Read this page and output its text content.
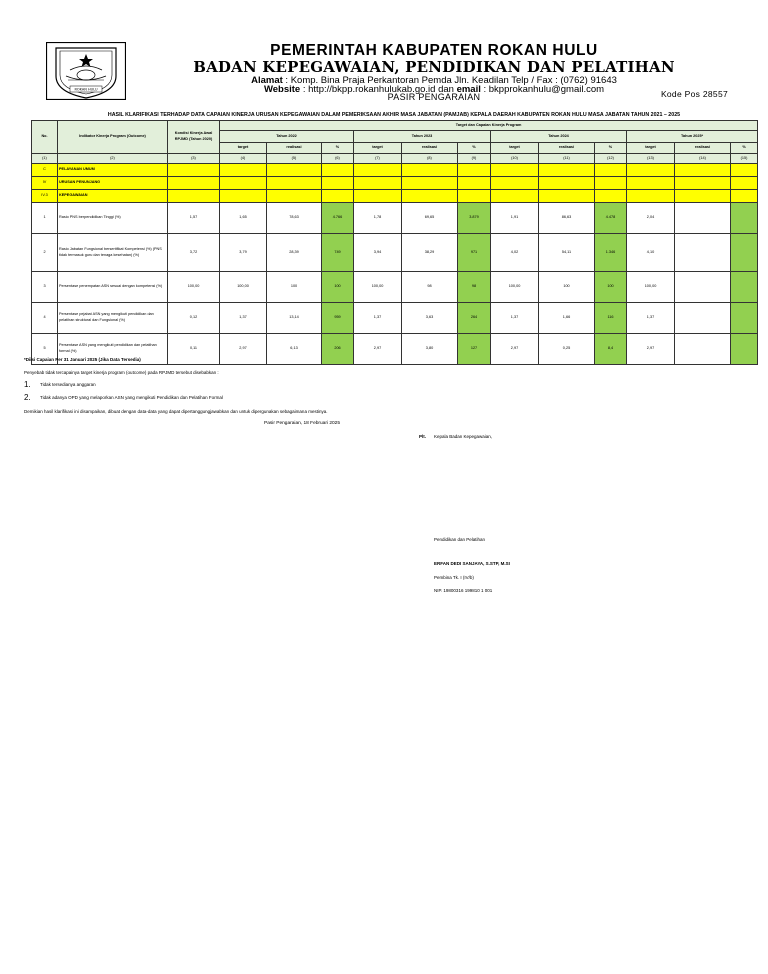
ROKAN HULU
PEMERINTAH KABUPATEN ROKAN HULU
BADAN KEPEGAWAIAN, PENDIDIKAN DAN PELATIHAN
Alamat : Komp. Bina Praja Perkantoran Pemda Jln. Keadilan Telp / Fax : (0762) 91643
Website : http://bkpp.rokanhulukab.go.id dan email : bkpprokanhulu@gmail.com
PASIR PENGARAIAN	Kode Pos 28557
HASIL KLARIFIKASI TERHADAP DATA CAPAIAN KINERJA URUSAN KEPEGAWAIAN DALAM PEMERIKSAAN AKHIR MASA JABATAN (PAMJAB) KEPALA DAERAH KABUPATEN ROKAN HULU MASA JABATAN TAHUN 2021 – 2025
No.	Indikator Kinerja Program (Outcome)	Kondisi Kinerja Awal RPJMD (Tahun 2020)	Target dan Capaian Kinerja Program											
			Tahun 2022			Tahun 2023			Tahun 2024			Tahun 2025*		
			target	realisasi	%	target	realisasi	%	target	realisasi	%	target	realisasi	%
(1)	(2)	(3)	(4)	(5)	(6)	(7)	(8)	(9)	(10)	(11)	(12)	(13)	(14)	(15)
C	PELAYANAN UMUM													
IV	URUSAN PENUNJANG													
IV.3	KEPEGAWAIAN													
1	Rasio PNS berpendidikan Tinggi (%)	1,57	1,65	78,63	4.766	1,78	69,65	3.879	1,91	86,63	4.478	2,04		
2	Rasio Jabatan Fungsional bersertifikat Kompetensi (%) (PNS tidak termasuk guru dan tenaga kesehatan) (%)	3,72	3,79	28,39	749	3,94	38,29	971	4,02	54,11	1.346	4,10		
3	Persentase penempatan ASN sesuai dengan kompetensi (%)	100,00	100,00	100	100	100,00	98	98	100,00	100	100	100,00		
4	Persentase pejabat ASN yang mengikuti pendidikan dan pelatihan struktural dan Fungsional (%)	0,12	1,37	13,14	959	1,37	3,63	264	1,37	1,66	116	1,37		
5	Persentase ASN yang mengikuti pendidikan dan pelatihan formal (%)	0,11	2,97	6,13	206	2,97	3,80	127	2,97	0,25	8,4	2,97		
*Diisi Capaian Per 31 Januari 2025 (Jika Data Tersedia)
Penyebab tidak tercapainya target kinerja program (outcome) pada RPJMD tersebut disebabkan :
1. Tidak tersedianya anggaran
2. Tidak adanya OPD yang melaporkan ASN yang mengikuti Pendidikan dan Pelatihan Formal
Demikian hasil klarifikasi ini disampaikan, dibuat dengan data-data yang dapat dipertanggungjawabkan dan untuk dipergunakan sebagaimana mestinya.
Pasir Pengaraian, 18 Februari 2025
Plt. Kepala Badan Kepegawaian,
Pendidikan dan Pelatihan
ERFAN DEDI SANJAYA, S.STP, M.SI
Pembina Tk. I (IV/b)
NIP. 19800316 199810 1 001
